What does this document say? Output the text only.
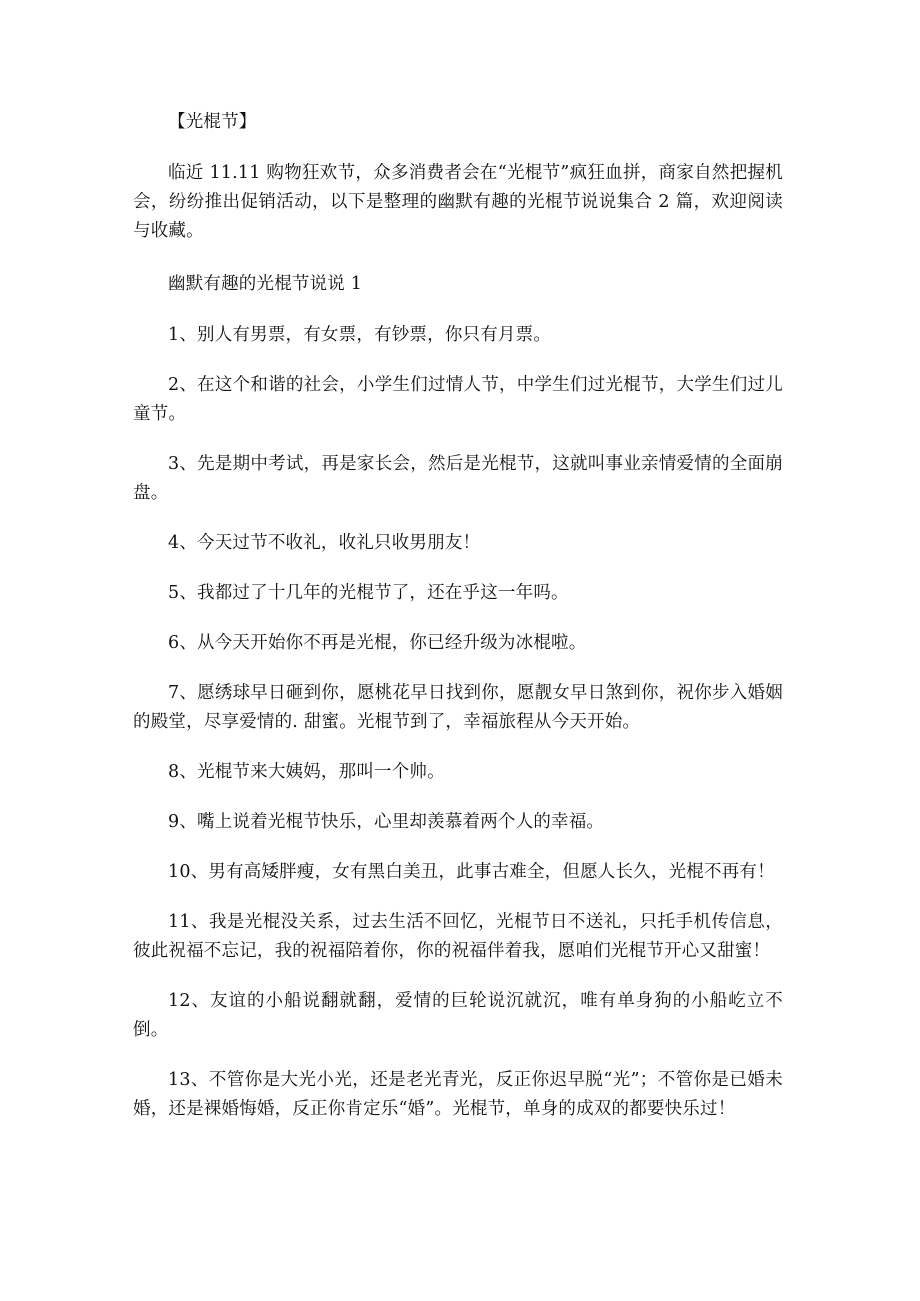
【光棍节】

临近 11.11 购物狂欢节，众多消费者会在“光棍节”疯狂血拼，商家自然把握机会，纷纷推出促销活动，以下是整理的幽默有趣的光棍节说说集合 2 篇，欢迎阅读与收藏。

幽默有趣的光棍节说说 1

1、别人有男票，有女票，有钞票，你只有月票。

2、在这个和谐的社会，小学生们过情人节，中学生们过光棍节，大学生们过儿童节。

3、先是期中考试，再是家长会，然后是光棍节，这就叫事业亲情爱情的全面崩盘。

4、今天过节不收礼，收礼只收男朋友！

5、我都过了十几年的光棍节了，还在乎这一年吗。

6、从今天开始你不再是光棍，你已经升级为冰棍啦。

7、愿绣球早日砸到你，愿桃花早日找到你，愿靓女早日煞到你，祝你步入婚姻的殿堂，尽享爱情的. 甜蜜。光棍节到了，幸福旅程从今天开始。

8、光棍节来大姨妈，那叫一个帅。

9、嘴上说着光棍节快乐，心里却羡慕着两个人的幸福。

10、男有高矮胖瘦，女有黑白美丑，此事古难全，但愿人长久，光棍不再有！

11、我是光棍没关系，过去生活不回忆，光棍节日不送礼，只托手机传信息，彼此祝福不忘记，我的祝福陪着你，你的祝福伴着我，愿咱们光棍节开心又甜蜜！

12、友谊的小船说翻就翻，爱情的巨轮说沉就沉，唯有单身狗的小船屹立不倒。

13、不管你是大光小光，还是老光青光，反正你迟早脱“光”；不管你是已婚未婚，还是裸婚悔婚，反正你肯定乐“婚”。光棍节，单身的成双的都要快乐过！
